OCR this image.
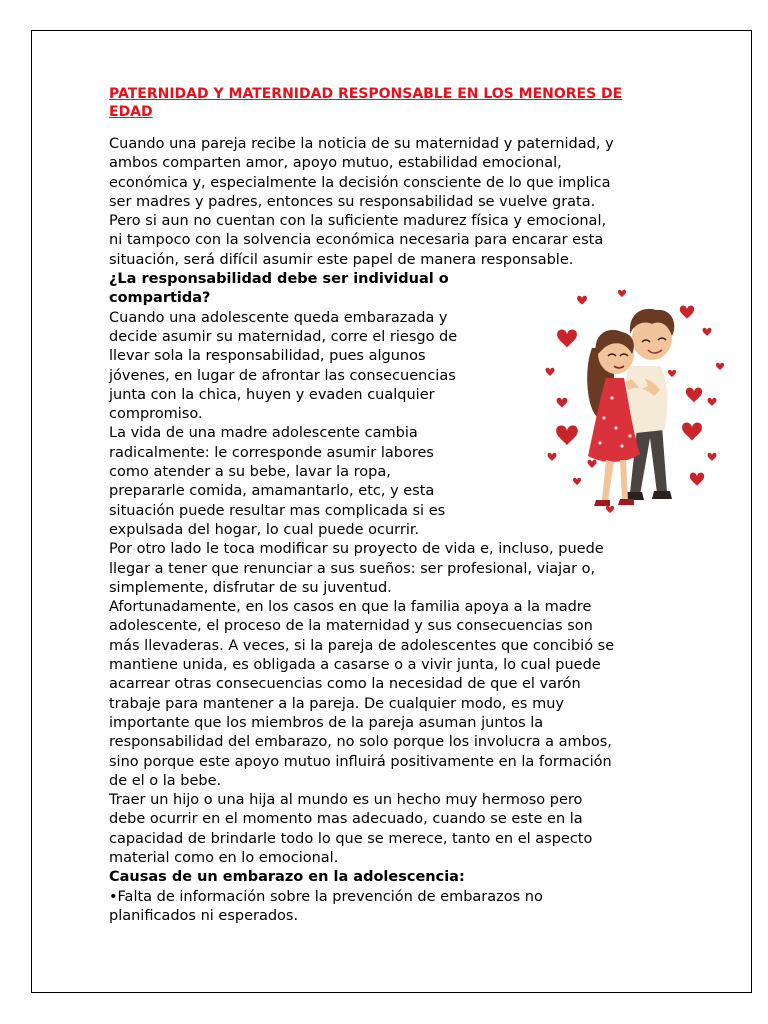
PATERNIDAD Y MATERNIDAD RESPONSABLE EN LOS MENORES DE
EDAD
Cuando una pareja recibe la noticia de su maternidad y paternidad, y
ambos comparten amor, apoyo mutuo, estabilidad emocional,
económica y, especialmente la decisión consciente de lo que implica
ser madres y padres, entonces su responsabilidad se vuelve grata.
Pero si aun no cuentan con la suficiente madurez física y emocional,
ni tampoco con la solvencia económica necesaria para encarar esta
situación, será difícil asumir este papel de manera responsable.
¿La responsabilidad debe ser individual o
compartida?
Cuando una adolescente queda embarazada y
decide asumir su maternidad, corre el riesgo de
llevar sola la responsabilidad, pues algunos
jóvenes, en lugar de afrontar las consecuencias
junta con la chica, huyen y evaden cualquier
compromiso.
La vida de una madre adolescente cambia
radicalmente: le corresponde asumir labores
como atender a su bebe, lavar la ropa,
prepararle comida, amamantarlo, etc, y esta
situación puede resultar mas complicada si es
expulsada del hogar, lo cual puede ocurrir.
Por otro lado le toca modificar su proyecto de vida e, incluso, puede
llegar a tener que renunciar a sus sueños: ser profesional, viajar o,
simplemente, disfrutar de su juventud.
Afortunadamente, en los casos en que la familia apoya a la madre
adolescente, el proceso de la maternidad y sus consecuencias son
más llevaderas. A veces, si la pareja de adolescentes que concibió se
mantiene unida, es obligada a casarse o a vivir junta, lo cual puede
acarrear otras consecuencias como la necesidad de que el varón
trabaje para mantener a la pareja. De cualquier modo, es muy
importante que los miembros de la pareja asuman juntos la
responsabilidad del embarazo, no solo porque los involucra a ambos,
sino porque este apoyo mutuo influirá positivamente en la formación
de el o la bebe.
Traer un hijo o una hija al mundo es un hecho muy hermoso pero
debe ocurrir en el momento mas adecuado, cuando se este en la
capacidad de brindarle todo lo que se merece, tanto en el aspecto
material como en lo emocional.
Causas de un embarazo en la adolescencia:
•Falta de información sobre la prevención de embarazos no
planificados ni esperados.
